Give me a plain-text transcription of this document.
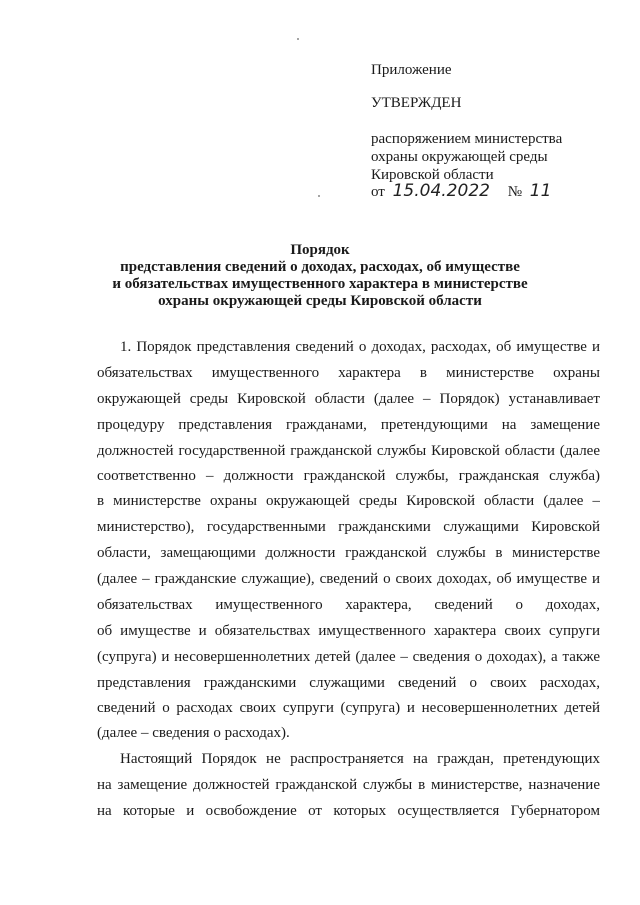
Приложение
УТВЕРЖДЕН
распоряжением министерства
охраны окружающей среды
Кировской области
от 15.04.2022 № 11
Порядок
представления сведений о доходах, расходах, об имуществе
и обязательствах имущественного характера в министерстве
охраны окружающей среды Кировской области
1. Порядок представления сведений о доходах, расходах, об имуществе и
обязательствах имущественного характера в министерстве охраны
окружающей среды Кировской области (далее – Порядок) устанавливает
процедуру представления гражданами, претендующими на замещение
должностей государственной гражданской службы Кировской области (далее
соответственно – должности гражданской службы, гражданская служба)
в министерстве охраны окружающей среды Кировской области (далее –
министерство), государственными гражданскими служащими Кировской
области, замещающими должности гражданской службы в министерстве
(далее – гражданские служащие), сведений о своих доходах, об имуществе и
обязательствах имущественного характера, сведений о доходах,
об имуществе и обязательствах имущественного характера своих супруги
(супруга) и несовершеннолетних детей (далее – сведения о доходах), а также
представления гражданскими служащими сведений о своих расходах,
сведений о расходах своих супруги (супруга) и несовершеннолетних детей
(далее – сведения о расходах).
Настоящий Порядок не распространяется на граждан, претендующих
на замещение должностей гражданской службы в министерстве, назначение
на которые и освобождение от которых осуществляется Губернатором
